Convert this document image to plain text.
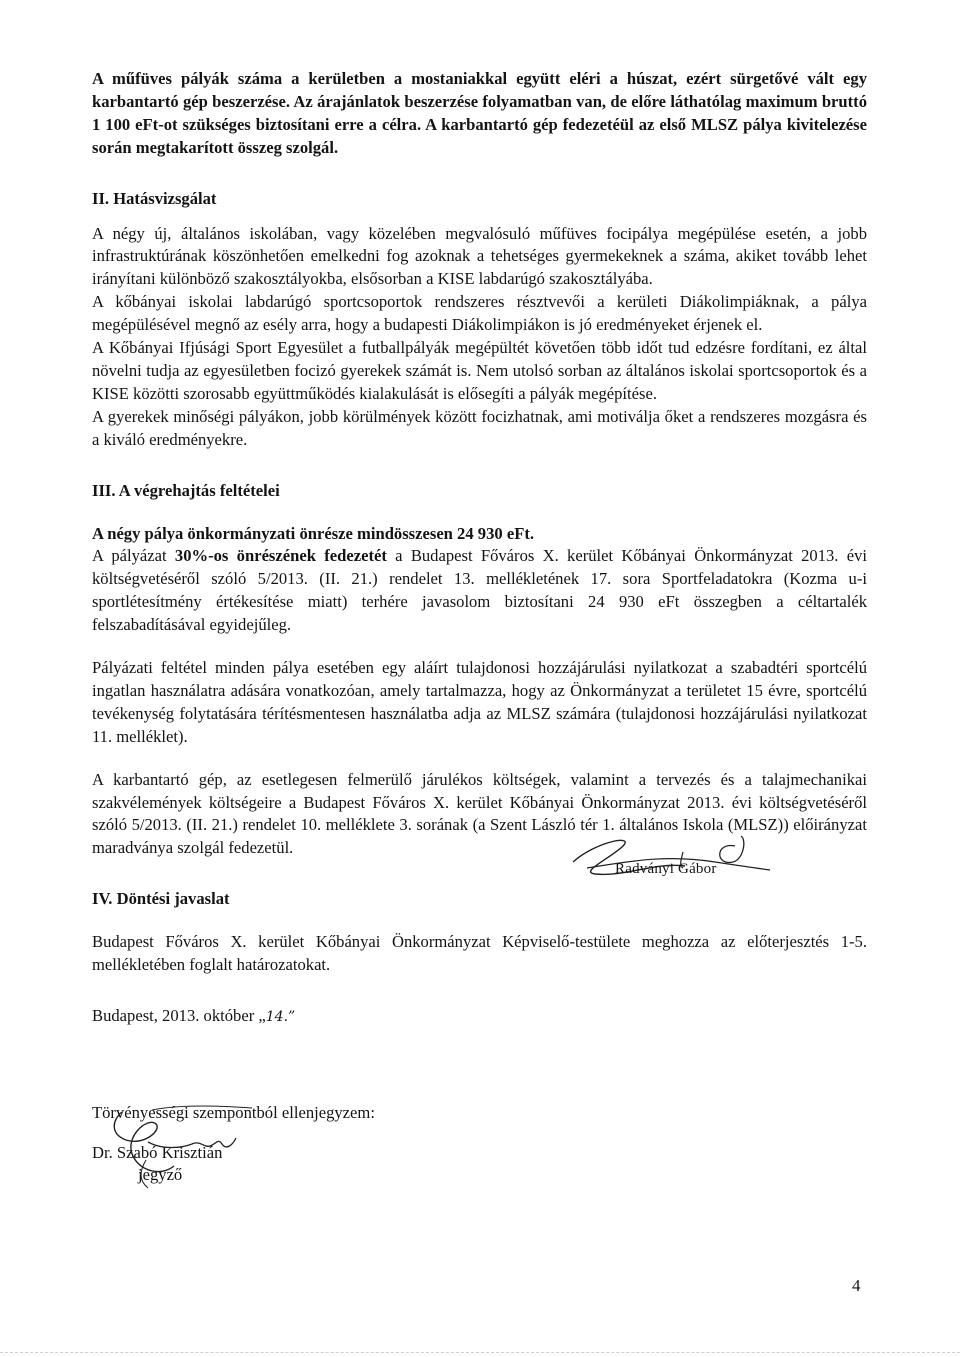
A műfüves pályák száma a kerületben a mostaniakkal együtt eléri a húszat, ezért sürgetővé vált egy karbantartó gép beszerzése. Az árajánlatok beszerzése folyamatban van, de előre láthatólag maximum bruttó 1 100 eFt-ot szükséges biztosítani erre a célra. A karbantartó gép fedezetéül az első MLSZ pálya kivitelezése során megtakarított összeg szolgál.

II. Hatásvizsgálat

A négy új, általános iskolában, vagy közelében megvalósuló műfüves focipálya megépülése esetén, a jobb infrastruktúrának köszönhetően emelkedni fog azoknak a tehetséges gyermekeknek a száma, akiket tovább lehet irányítani különböző szakosztályokba, elsősorban a KISE labdarúgó szakosztályába.

A kőbányai iskolai labdarúgó sportcsoportok rendszeres résztvevői a kerületi Diákolimpiáknak, a pálya megépülésével megnő az esély arra, hogy a budapesti Diákolimpiákon is jó eredményeket érjenek el.

A Kőbányai Ifjúsági Sport Egyesület a futballpályák megépültét követően több időt tud edzésre fordítani, ez által növelni tudja az egyesületben focizó gyerekek számát is. Nem utolsó sorban az általános iskolai sportcsoportok és a KISE közötti szorosabb együttműködés kialakulását is elősegíti a pályák megépítése.

A gyerekek minőségi pályákon, jobb körülmények között focizhatnak, ami motiválja őket a rendszeres mozgásra és a kiváló eredményekre.

III. A végrehajtás feltételei

A négy pálya önkormányzati önrésze mindösszesen 24 930 eFt.

A pályázat 30%-os önrészének fedezetét a Budapest Főváros X. kerület Kőbányai Önkormányzat 2013. évi költségvetéséről szóló 5/2013. (II. 21.) rendelet 13. mellékletének 17. sora Sportfeladatokra (Kozma u-i sportlétesítmény értékesítése miatt) terhére javasolom biztosítani 24 930 eFt összegben a céltartalék felszabadításával egyidejűleg.

Pályázati feltétel minden pálya esetében egy aláírt tulajdonosi hozzájárulási nyilatkozat a szabadtéri sportcélú ingatlan használatra adására vonatkozóan, amely tartalmazza, hogy az Önkormányzat a területet 15 évre, sportcélú tevékenység folytatására térítésmentesen használatba adja az MLSZ számára (tulajdonosi hozzájárulási nyilatkozat 11. melléklet).

A karbantartó gép, az esetlegesen felmerülő járulékos költségek, valamint a tervezés és a talajmechanikai szakvélemények költségeire a Budapest Főváros X. kerület Kőbányai Önkormányzat 2013. évi költségvetéséről szóló 5/2013. (II. 21.) rendelet 10. melléklete 3. sorának (a Szent László tér 1. általános Iskola (MLSZ)) előirányzat maradványa szolgál fedezetül.

IV. Döntési javaslat

Budapest Főváros X. kerület Kőbányai Önkormányzat Képviselő-testülete meghozza az előterjesztés 1-5. mellékletében foglalt határozatokat.

Budapest, 2013. október „14.”

Radványi Gábor
Törvényességi szempontból ellenjegyzem:
Dr. Szabó Krisztián
jegyző
4
